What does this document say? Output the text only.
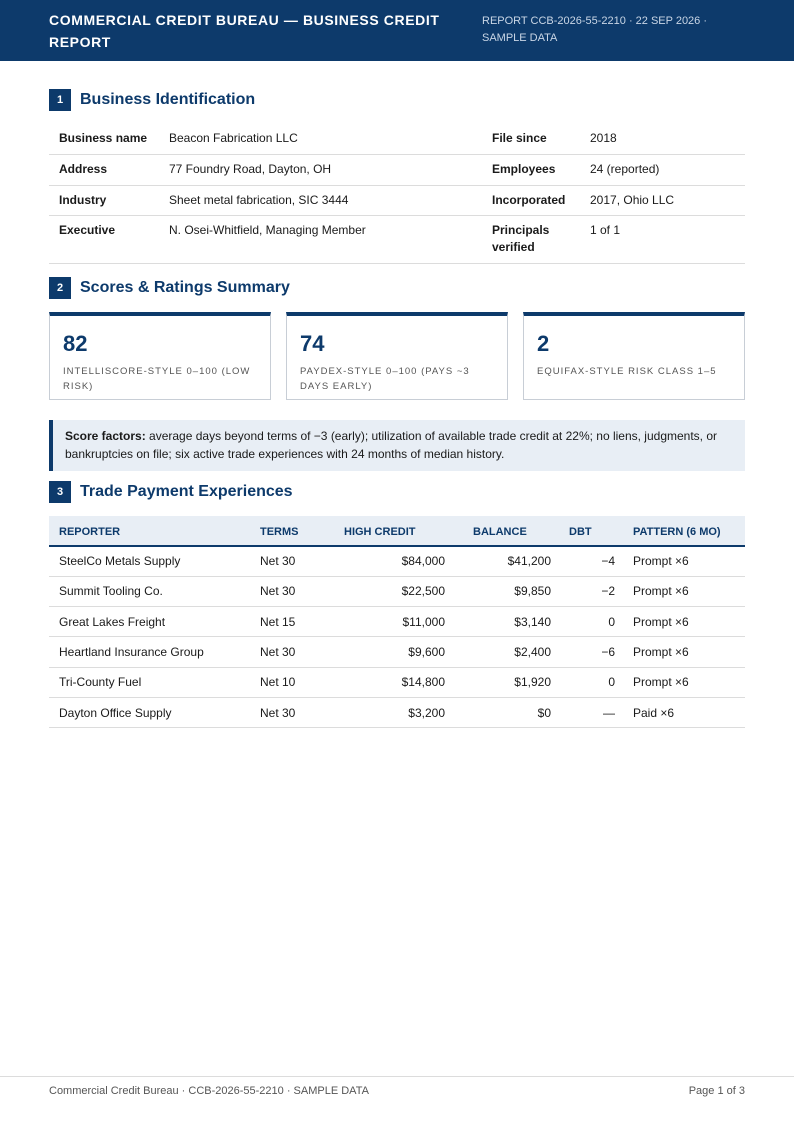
COMMERCIAL CREDIT BUREAU — BUSINESS CREDIT REPORT
REPORT CCB-2026-55-2210 · 22 SEP 2026 · SAMPLE DATA
1	Business Identification
Business name	Beacon Fabrication LLC	File since	2018
Address	77 Foundry Road, Dayton, OH	Employees	24 (reported)
Industry	Sheet metal fabrication, SIC 3444	Incorporated	2017, Ohio LLC
Executive	N. Osei-Whitfield, Managing Member	Principals verified	1 of 1
2	Scores & Ratings Summary
82
INTELLISCORE-STYLE 0–100 (LOW RISK)
74
PAYDEX-STYLE 0–100 (PAYS ~3 DAYS EARLY)
2
EQUIFAX-STYLE RISK CLASS 1–5
Score factors: average days beyond terms of −3 (early); utilization of available trade credit at 22%; no liens, judgments, or bankruptcies on file; six active trade experiences with 24 months of median history.
3	Trade Payment Experiences
REPORTER	TERMS	HIGH CREDIT	BALANCE	DBT	PATTERN (6 MO)
SteelCo Metals Supply	Net 30	$84,000	$41,200	−4	Prompt ×6
Summit Tooling Co.	Net 30	$22,500	$9,850	−2	Prompt ×6
Great Lakes Freight	Net 15	$11,000	$3,140	0	Prompt ×6
Heartland Insurance Group	Net 30	$9,600	$2,400	−6	Prompt ×6
Tri-County Fuel	Net 10	$14,800	$1,920	0	Prompt ×6
Dayton Office Supply	Net 30	$3,200	$0	—	Paid ×6
Commercial Credit Bureau · CCB-2026-55-2210 · SAMPLE DATA	Page 1 of 3
